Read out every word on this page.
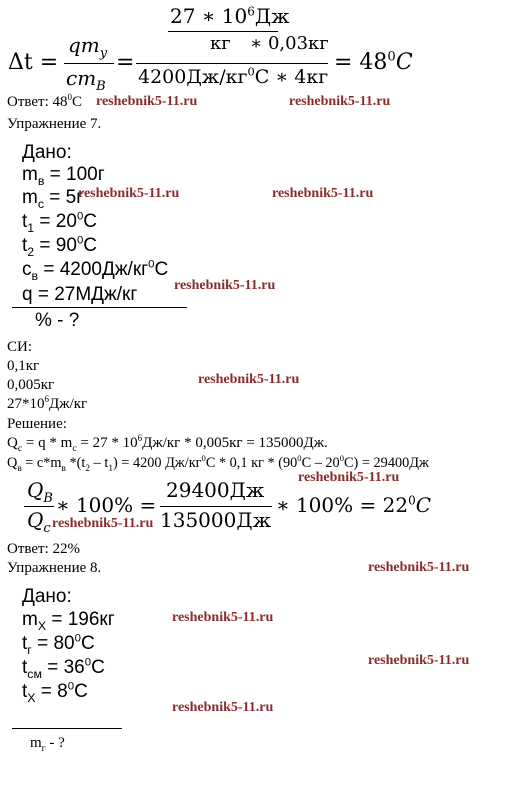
Δt =
$qm_у$
$cm_В$
=
27 ∗ $10^6Дж$
кг ∗ 0,03кг
$4200Дж/кг^0C$ ∗ 4кг
= $48^0C$
Ответ: $48^0C$
Упражнение 7.
Дано:
$m_в = 100г$
$m_c = 5г$
$t_1 = 20^0C$
$t_2 = 90^0C$
$c_в = 4200Дж/кг^0C$
q = 27МДж/кг
% - ?
СИ:
0,1кг
0,005кг
$27*10^6Дж/кг$
Решение:
$Q_c = q * m_c = 27 * 10^6Дж/кг * 0,005кг = 135000Дж$.
$Q_в = c*m_в$ $*(t_2 - t_1) = 4200$ $Дж/кг^0C * 0,1$ кг * $(90^0C - 20^0C) = 29400Дж$
$Q_B$
$Q_c$
∗ 100% =
29400Дж
135000Дж
∗ $100\% = 22^0C$
Ответ: 22%
Упражнение 8.
Дано:
$m_X = 196кг$
$t_г = 80^0C$
$t_{см} = 36^0C$
$t_X = 8^0C$
$m_г$ - ?
reshebnik5-11.ru	reshebnik5-11.ru
reshebnik5-11.ru	reshebnik5-11.ru
reshebnik5-11.ru
reshebnik5-11.ru
reshebnik5-11.ru
reshebnik5-11.ru
reshebnik5-11.ru
reshebnik5-11.ru
reshebnik5-11.ru
reshebnik5-11.ru
